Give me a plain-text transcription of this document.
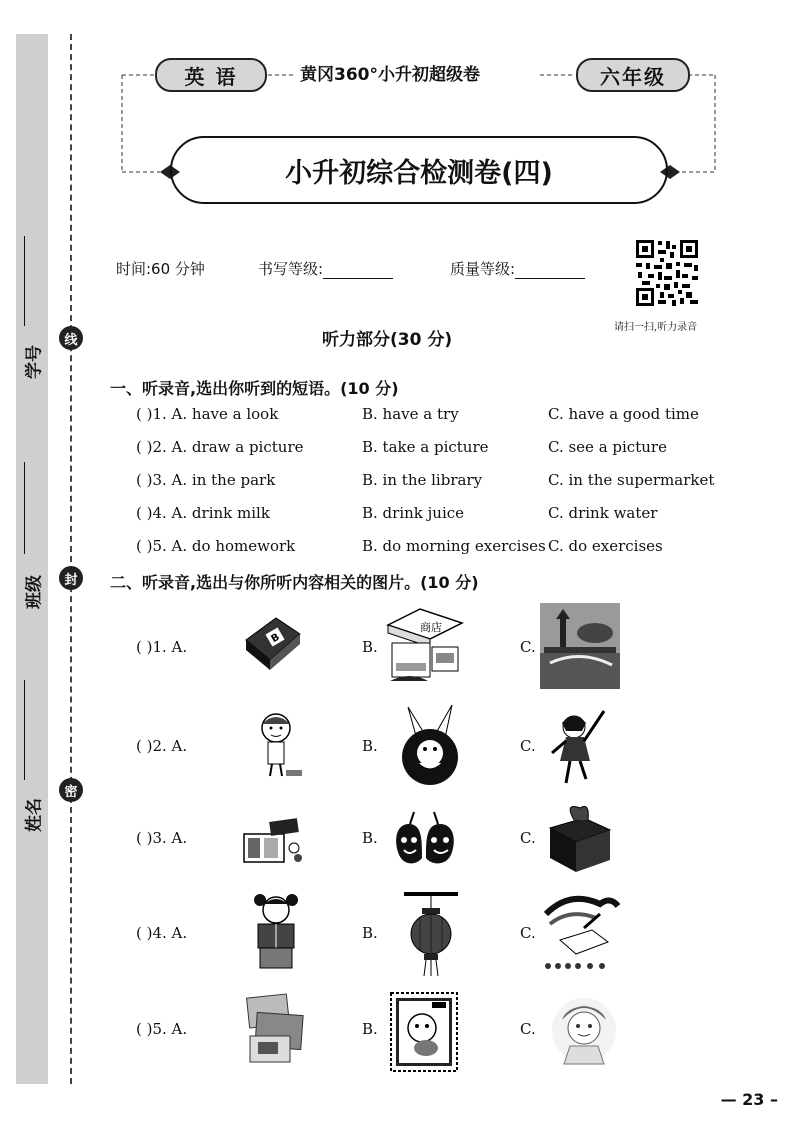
学号
班级
姓名
线
封
密
英 语	黄冈360°小升初超级卷	六年级
小升初综合检测卷(四)
时间:60 分钟	书写等级:	质量等级:
请扫一扫,听力录音
听力部分(30 分)
一、听录音,选出你听到的短语。(10 分)
( )1. A. have a look	B. have a try	C. have a good time
( )2. A. draw a picture	B. take a picture	C. see a picture
( )3. A. in the park	B. in the library	C. in the supermarket
( )4. A. drink milk	B. drink juice	C. drink water
( )5. A. do homework	B. do morning exercises C. do exercises
二、听录音,选出与你所听内容相关的图片。(10 分)
( )1. A.	B.	C.
B
商店
( )2. A.	B.	C.
( )3. A.	B.	C.
( )4. A.	B.	C.
( )5. A.	B.	C.
— 23 –
